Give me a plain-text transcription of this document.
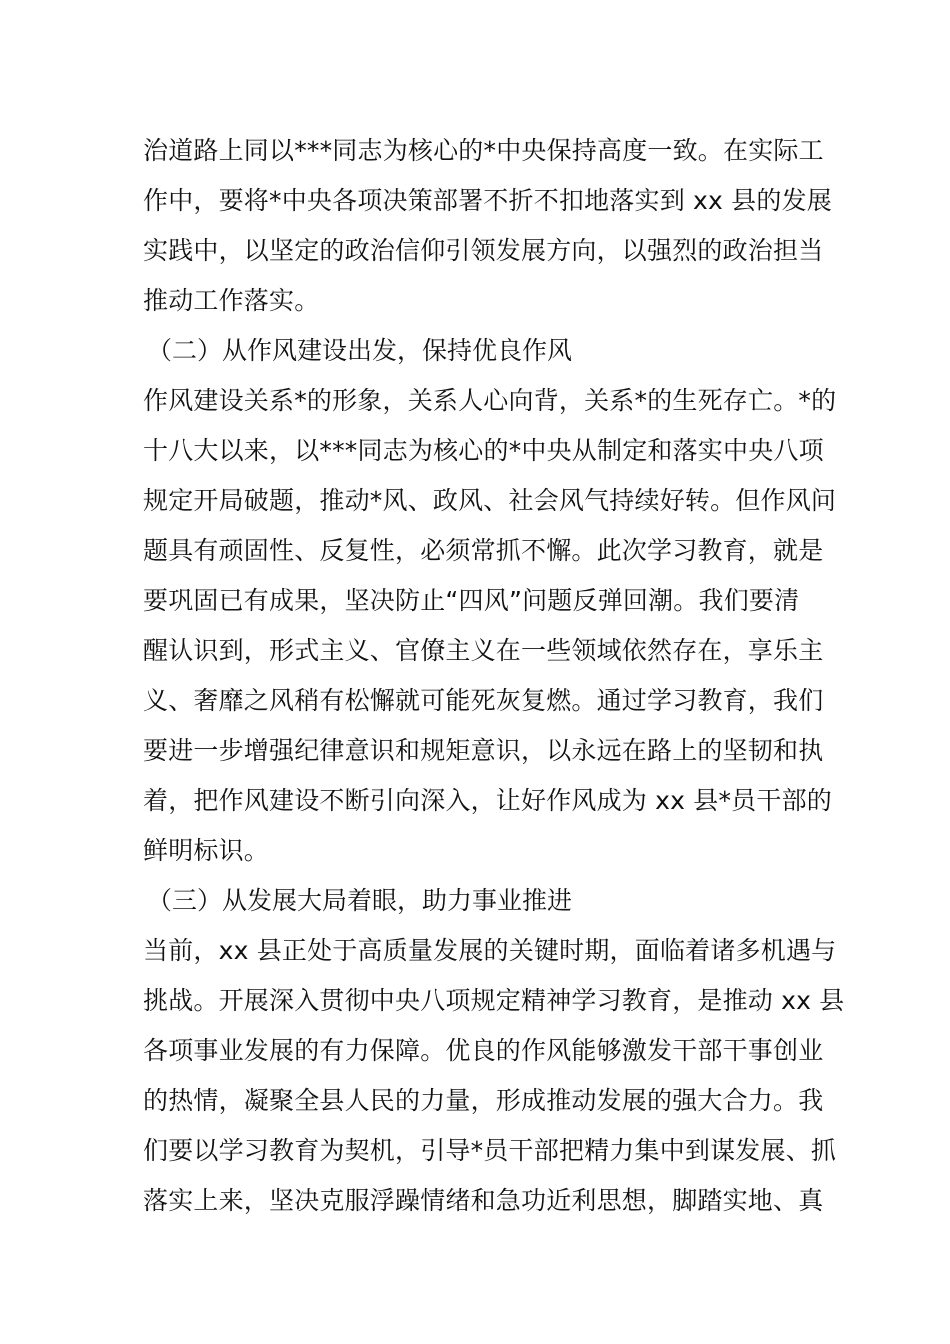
治道路上同以***同志为核心的*中央保持高度一致。在实际工
作中，要将*中央各项决策部署不折不扣地落实到 xx 县的发展
实践中，以坚定的政治信仰引领发展方向，以强烈的政治担当
推动工作落实。
（二）从作风建设出发，保持优良作风
作风建设关系*的形象，关系人心向背，关系*的生死存亡。*的
十八大以来，以***同志为核心的*中央从制定和落实中央八项
规定开局破题，推动*风、政风、社会风气持续好转。但作风问
题具有顽固性、反复性，必须常抓不懈。此次学习教育，就是
要巩固已有成果，坚决防止“四风”问题反弹回潮。我们要清
醒认识到，形式主义、官僚主义在一些领域依然存在，享乐主
义、奢靡之风稍有松懈就可能死灰复燃。通过学习教育，我们
要进一步增强纪律意识和规矩意识，以永远在路上的坚韧和执
着，把作风建设不断引向深入，让好作风成为 xx 县*员干部的
鲜明标识。
（三）从发展大局着眼，助力事业推进
当前，xx 县正处于高质量发展的关键时期，面临着诸多机遇与
挑战。开展深入贯彻中央八项规定精神学习教育，是推动 xx 县
各项事业发展的有力保障。优良的作风能够激发干部干事创业
的热情，凝聚全县人民的力量，形成推动发展的强大合力。我
们要以学习教育为契机，引导*员干部把精力集中到谋发展、抓
落实上来，坚决克服浮躁情绪和急功近利思想，脚踏实地、真
